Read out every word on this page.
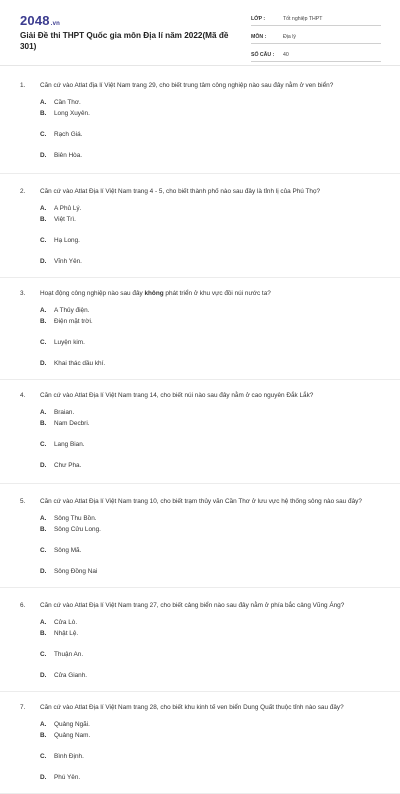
2048.vn
Giải Đề thi THPT Quốc gia môn Địa lí năm 2022(Mã đề 301)
LỚP :	Tốt nghiệp THPT
MÔN :	Địa lý
SỐ CÂU :	40
1. Căn cứ vào Atlat địa lí Việt Nam trang 29, cho biết trung tâm công nghiệp nào sau đây nằm ở ven biển?
A.	Cần Thơ.
B.	Long Xuyên.
C.	Rạch Giá.
D.	Biên Hòa.
2. Căn cứ vào Atlat Địa lí Việt Nam trang 4 - 5, cho biết thành phố nào sau đây là tỉnh lị của Phú Thọ?
A.	A Phủ Lý.
B.	Việt Trì.
C.	Hạ Long.
D.	Vĩnh Yên.
3. Hoạt động công nghiệp nào sau đây không phát triển ở khu vực đồi núi nước ta?
A.	A Thủy điện.
B.	Điện mặt trời.
C.	Luyện kim.
D.	Khai thác dầu khí.
4. Căn cứ vào Atlat Địa lí Việt Nam trang 14, cho biết núi nào sau đây nằm ở cao nguyên Đắk Lắk?
A.	Braian.
B.	Nam Decbri.
C.	Lang Bian.
D.	Chư Pha.
5. Căn cứ vào Atlat Địa lí Việt Nam trang 10, cho biết trạm thủy văn Cần Thơ ở lưu vực hệ thống sông nào sau đây?
A.	Sông Thu Bồn.
B.	Sông Cửu Long.
C.	Sông Mã.
D.	Sông Đồng Nai
6. Căn cứ vào Atlat Địa lí Việt Nam trang 27, cho biết cảng biển nào sau đây nằm ở phía bắc cảng Vũng Áng?
A.	Cửa Lò.
B.	Nhật Lệ.
C.	Thuận An.
D.	Cửa Gianh.
7. Căn cứ vào Atlat Địa lí Việt Nam trang 28, cho biết khu kinh tế ven biển Dung Quất thuộc tỉnh nào sau đây?
A.	Quảng Ngãi.
B.	Quảng Nam.
C.	Bình Định.
D.	Phú Yên.
